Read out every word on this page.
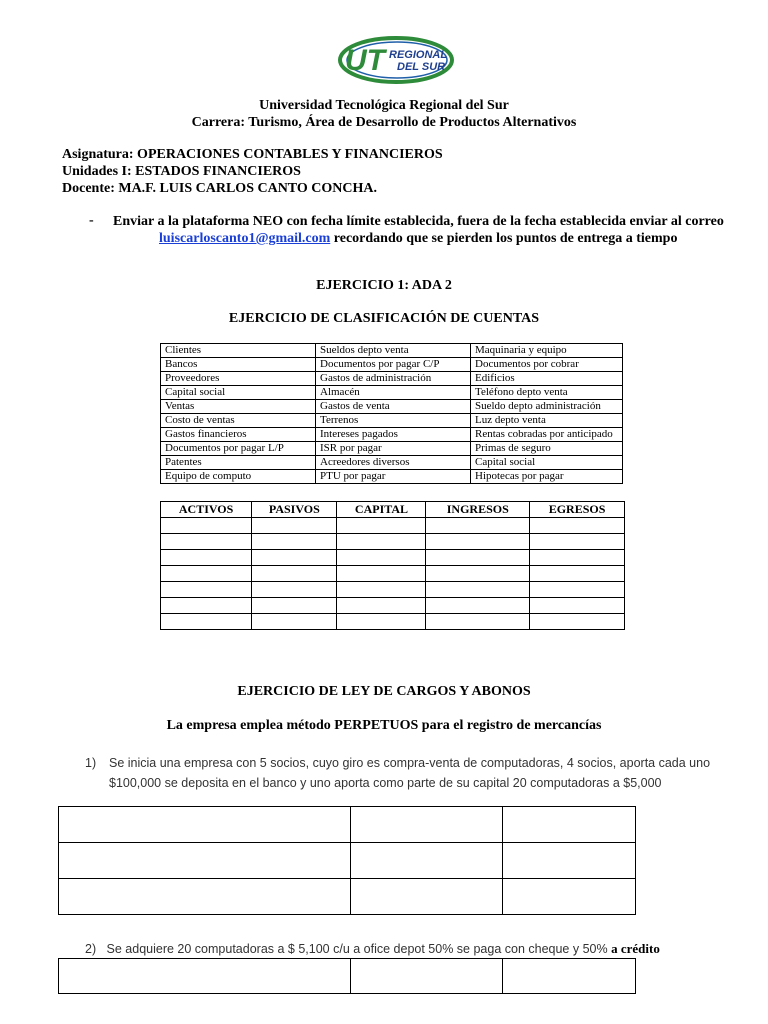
UT REGIONAL
DEL SUR
Universidad Tecnológica Regional del Sur
Carrera: Turismo, Área de Desarrollo de Productos Alternativos
Asignatura: OPERACIONES CONTABLES Y FINANCIEROS
Unidades I: ESTADOS FINANCIEROS
Docente: MA.F. LUIS CARLOS CANTO CONCHA.
- Enviar a la plataforma NEO con fecha límite establecida, fuera de la fecha establecida enviar al correo
luiscarloscanto1@gmail.com recordando que se pierden los puntos de entrega a tiempo
EJERCICIO 1: ADA 2
EJERCICIO DE CLASIFICACIÓN DE CUENTAS
Clientes	Sueldos depto venta	Maquinaria y equipo
Bancos	Documentos por pagar C/P	Documentos por cobrar
Proveedores	Gastos de administración	Edificios
Capital social	Almacén	Teléfono depto venta
Ventas	Gastos de venta	Sueldo depto administración
Costo de ventas	Terrenos	Luz depto venta
Gastos financieros	Intereses pagados	Rentas cobradas por anticipado
Documentos por pagar L/P	ISR por pagar	Primas de seguro
Patentes	Acreedores diversos	Capital social
Equipo de computo	PTU por pagar	Hipotecas por pagar
ACTIVOS	PASIVOS	CAPITAL	INGRESOS	EGRESOS

EJERCICIO DE LEY DE CARGOS Y ABONOS
La empresa emplea método PERPETUOS para el registro de mercancías
1) Se inicia una empresa con 5 socios, cuyo giro es compra-venta de computadoras, 4 socios, aporta cada uno $100,000 se deposita en el banco y uno aporta como parte de su capital 20 computadoras a $5,000

2) Se adquiere 20 computadoras a $ 5,100 c/u a ofice depot 50% se paga con cheque y 50% a crédito
